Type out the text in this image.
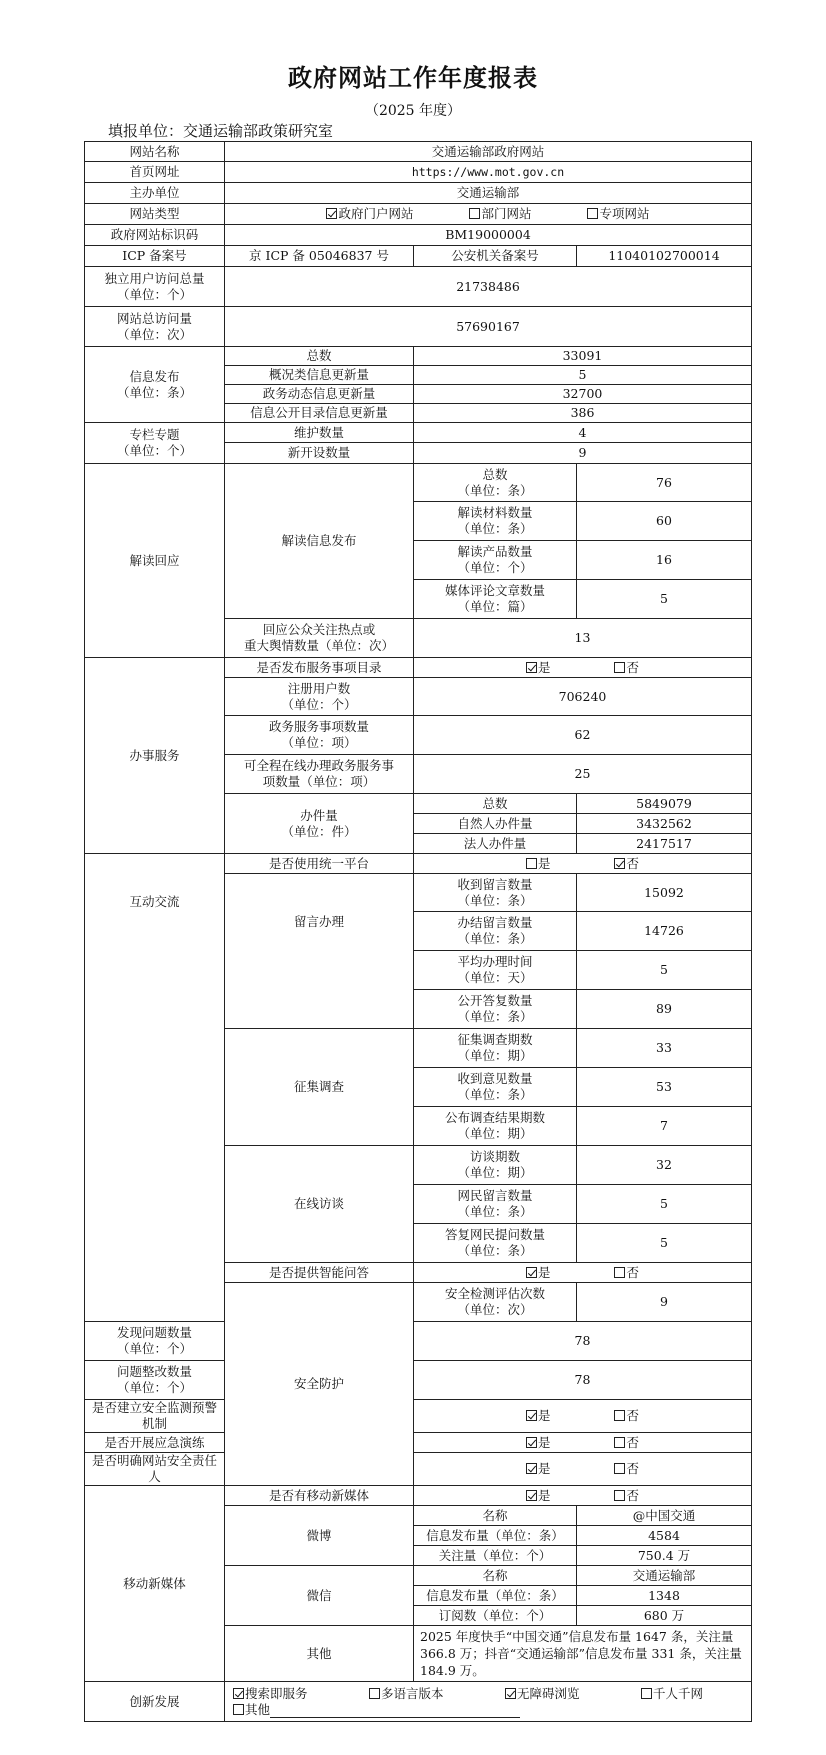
政府网站工作年度报表
（2025 年度）
填报单位：交通运输部政策研究室
网站名称	交通运输部政府网站		
首页网址	https://www.mot.gov.cn		
主办单位	交通运输部		
网站类型	政府门户网站 部门网站 专项网站		
政府网站标识码	BM19000004		
ICP 备案号	京 ICP 备 05046837 号	公安机关备案号	11040102700014
独立用户访问总量
（单位：个）	21738486		
网站总访问量
（单位：次）	57690167		
信息发布
（单位：条）	总数	33091	
	概况类信息更新量	5	
	政务动态信息更新量	32700	
	信息公开目录信息更新量	386	
专栏专题
（单位：个）	维护数量	4	
	新开设数量	9	
解读回应	解读信息发布	总数
（单位：条）	76
		解读材料数量
（单位：条）	60
		解读产品数量
（单位：个）	16
		媒体评论文章数量
（单位：篇）	5
	回应公众关注热点或
重大舆情数量（单位：次）	13	
办事服务	是否发布服务事项目录	是 否	
	注册用户数
（单位：个）	706240	
	政务服务事项数量
（单位：项）	62	
	可全程在线办理政务服务事
项数量（单位：项）	25	
	办件量
（单位：件）	总数	5849079
		自然人办件量	3432562
		法人办件量	2417517
互动交流	是否使用统一平台	是 否	
	留言办理	收到留言数量
（单位：条）	15092
		办结留言数量
（单位：条）	14726
		平均办理时间
（单位：天）	5
		公开答复数量
（单位：条）	89
	征集调查	征集调查期数
（单位：期）	33
		收到意见数量
（单位：条）	53
		公布调查结果期数
（单位：期）	7
	在线访谈	访谈期数
（单位：期）	32
		网民留言数量
（单位：条）	5
		答复网民提问数量
（单位：条）	5
	是否提供智能问答	是 否	
	安全防护	安全检测评估次数
（单位：次）	9
发现问题数量
（单位：个）		78	
问题整改数量
（单位：个）		78	
是否建立安全监测预警机制		是 否	
是否开展应急演练		是 否	
是否明确网站安全责任人		是 否	
移动新媒体	是否有移动新媒体	是 否	
	微博	名称	@中国交通
		信息发布量（单位：条）	4584
		关注量（单位：个）	750.4 万
	微信	名称	交通运输部
		信息发布量（单位：条）	1348
		订阅数（单位：个）	680 万
	其他	2025 年度快手“中国交通”信息发布量 1647 条，关注量 366.8 万；抖音“交通运输部”信息发布量 331 条，关注量 184.9 万。	
创新发展	搜索即服务 多语言版本 无障碍浏览 千人千网
其他		
